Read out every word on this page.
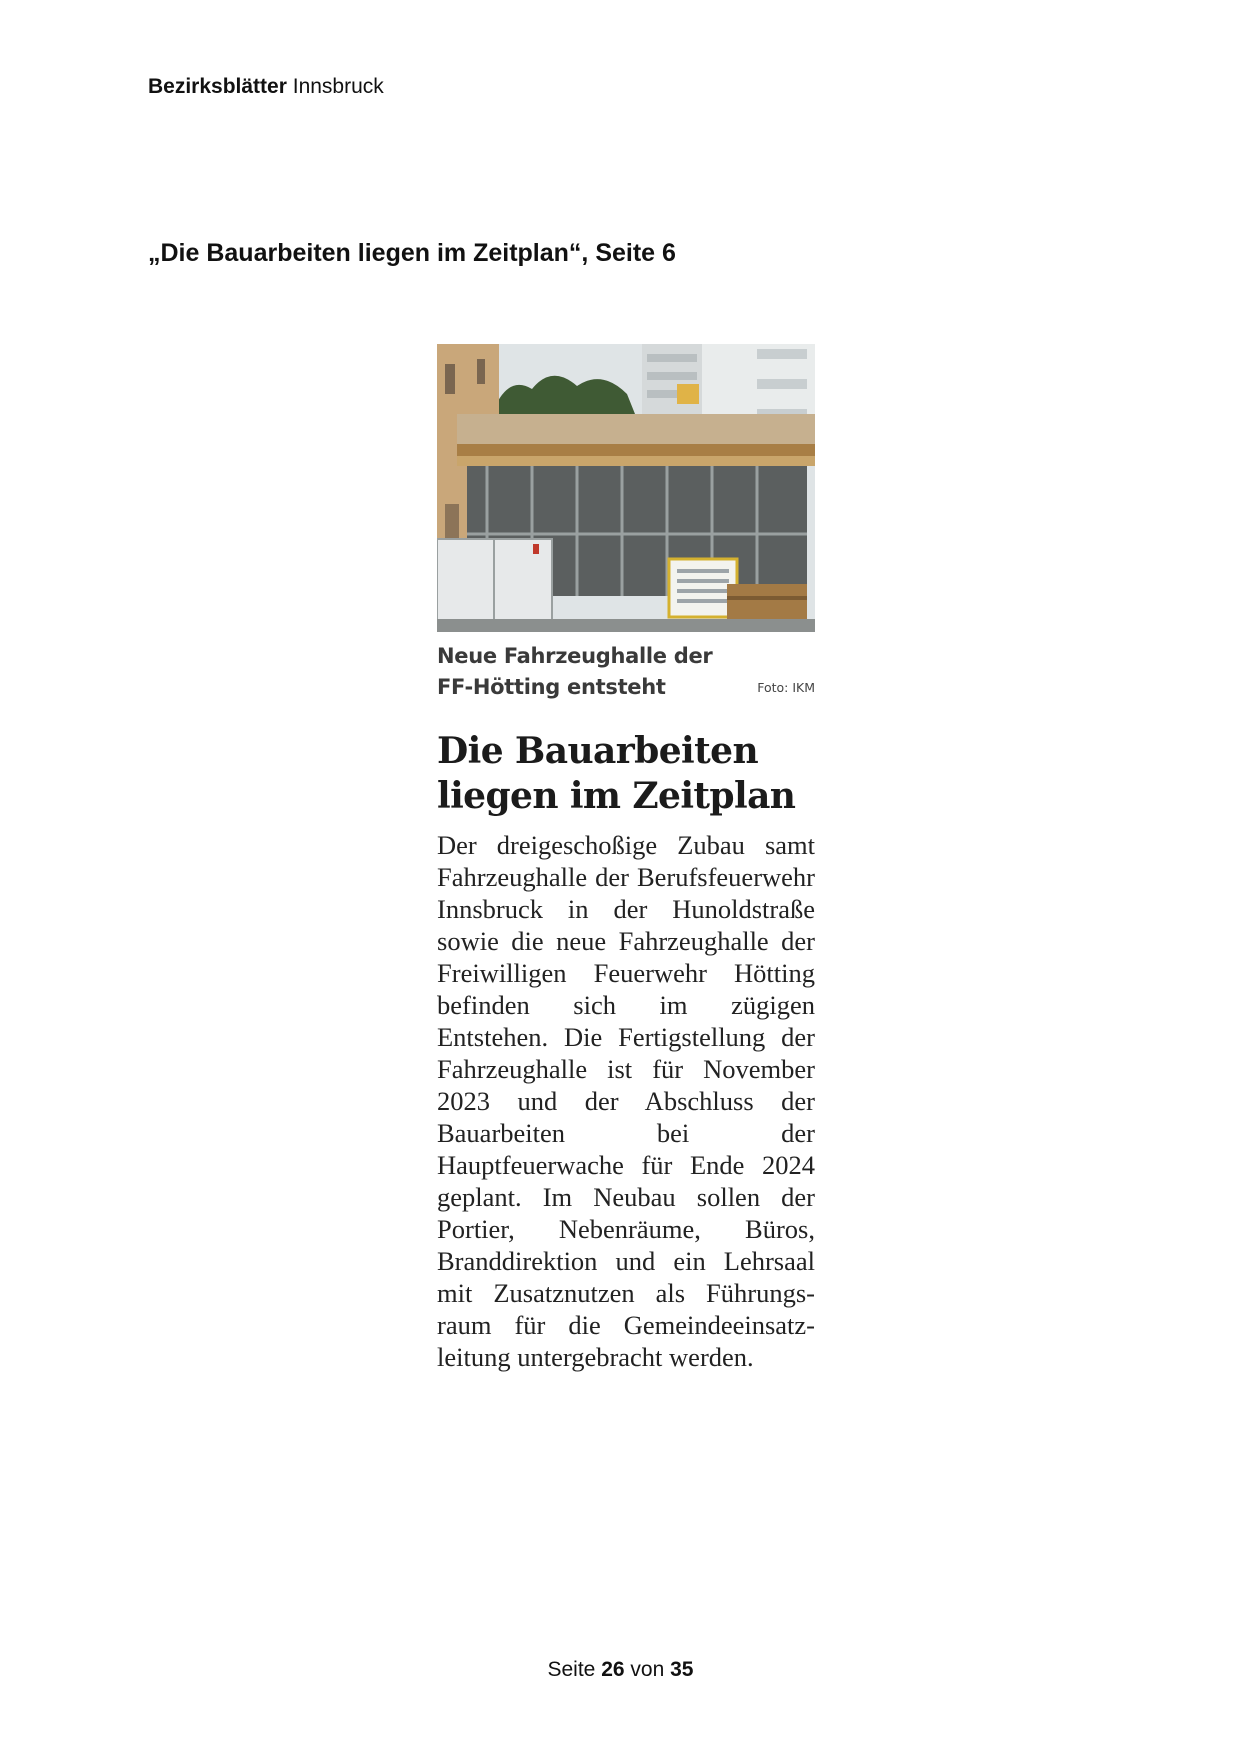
Bezirksblätter Innsbruck
„Die Bauarbeiten liegen im Zeitplan“, Seite 6
Neue Fahrzeughalle der FF-Hötting entsteht	Foto: IKM
Die Bauarbeiten liegen im Zeitplan
Der dreigeschoßige Zubau samt Fahrzeughalle der Berufsfeuerwehr Innsbruck in der Hunoldstraße sowie die neue Fahrzeughalle der Freiwilligen Feuerwehr Hötting befinden sich im zügigen Entstehen. Die Fertigstellung der Fahrzeughalle ist für November 2023 und der Abschluss der Bauarbeiten bei der Hauptfeuerwache für Ende 2024 geplant. Im Neubau sollen der Portier, Nebenräume, Büros, Branddirektion und ein Lehrsaal mit Zusatznutzen als Führungsraum für die Gemeindeeinsatzleitung untergebracht werden.
Seite 26 von 35
